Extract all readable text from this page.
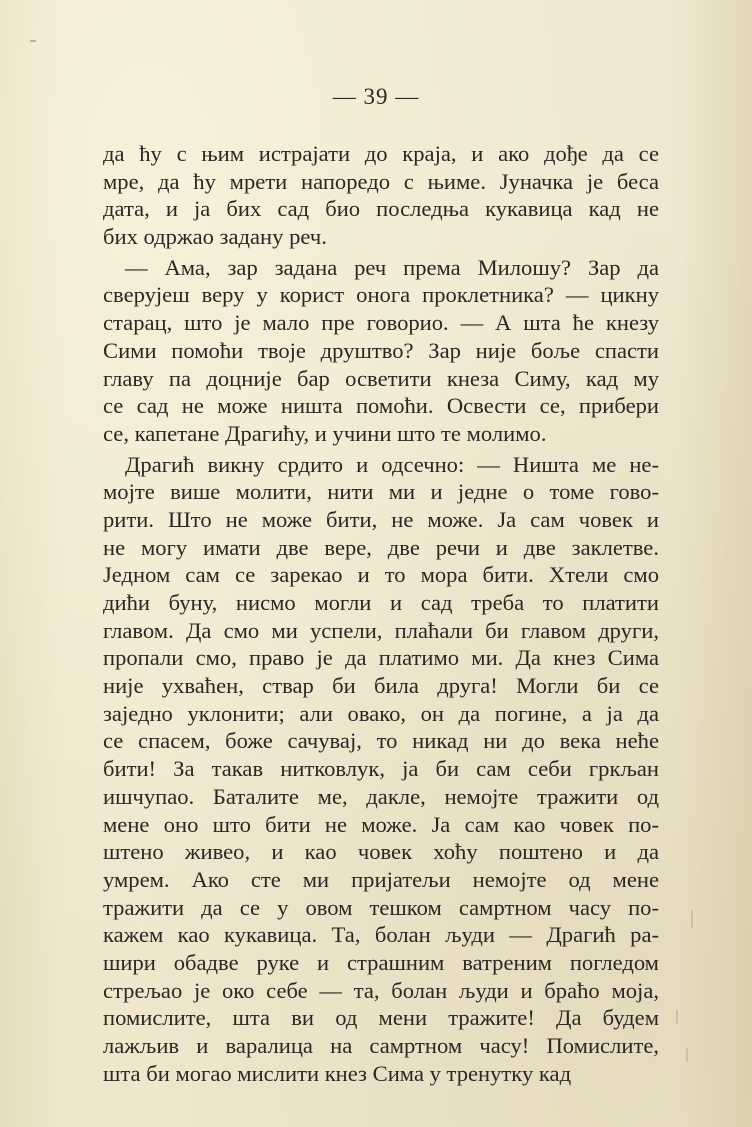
— 39 —
да ћу с њим истрајати до краја, и ако дође да се
мре, да ћу мрети напоредо с њиме. Јуначка је беса
дата, и ја бих сад био последња кукавица кад не
бих одржао задану реч.
— Ама, зар задана реч према Милошу? Зар да
сверујеш веру у корист онога проклетника? — цикну
старац, што је мало пре говорио. — А шта ће кнезу
Сими помоћи твоје друштво? Зар није боље спасти
главу па доцније бар осветити кнеза Симу, кад му
се сад не може ништа помоћи. Освести се, прибери
се, капетане Драгићу, и учини што те молимо.
Драгић викну срдито и одсечно: — Ништа ме не-
мојте више молити, нити ми и једне о томе гово-
рити. Што не може бити, не може. Ја сам човек и
не могу имати две вере, две речи и две заклетве.
Једном сам се зарекао и то мора бити. Хтели смо
дићи буну, нисмо могли и сад треба то платити
главом. Да смо ми успели, плаћали би главом други,
пропали смо, право је да платимо ми. Да кнез Сима
није ухваћен, ствар би била друга! Могли би се
заједно уклонити; али овако, он да погине, а ја да
се спасем, боже сачувај, то никад ни до века неће
бити! За такав нитковлук, ја би сам себи гркљан
ишчупао. Баталите ме, дакле, немојте тражити од
мене оно што бити не може. Ја сам као човек по-
штено живео, и као човек хоћу поштено и да
умрем. Ако сте ми пријатељи немојте од мене
тражити да се у овом тешком самртном часу по-
кажем као кукавица. Та, болан људи — Драгић ра-
шири обадве руке и страшним ватреним погледом
стрељао је око себе — та, болан људи и браћо моја,
помислите, шта ви од мени тражите! Да будем
лажљив и варалица на самртном часу! Помислите,
шта би могао мислити кнез Сима у тренутку кад
